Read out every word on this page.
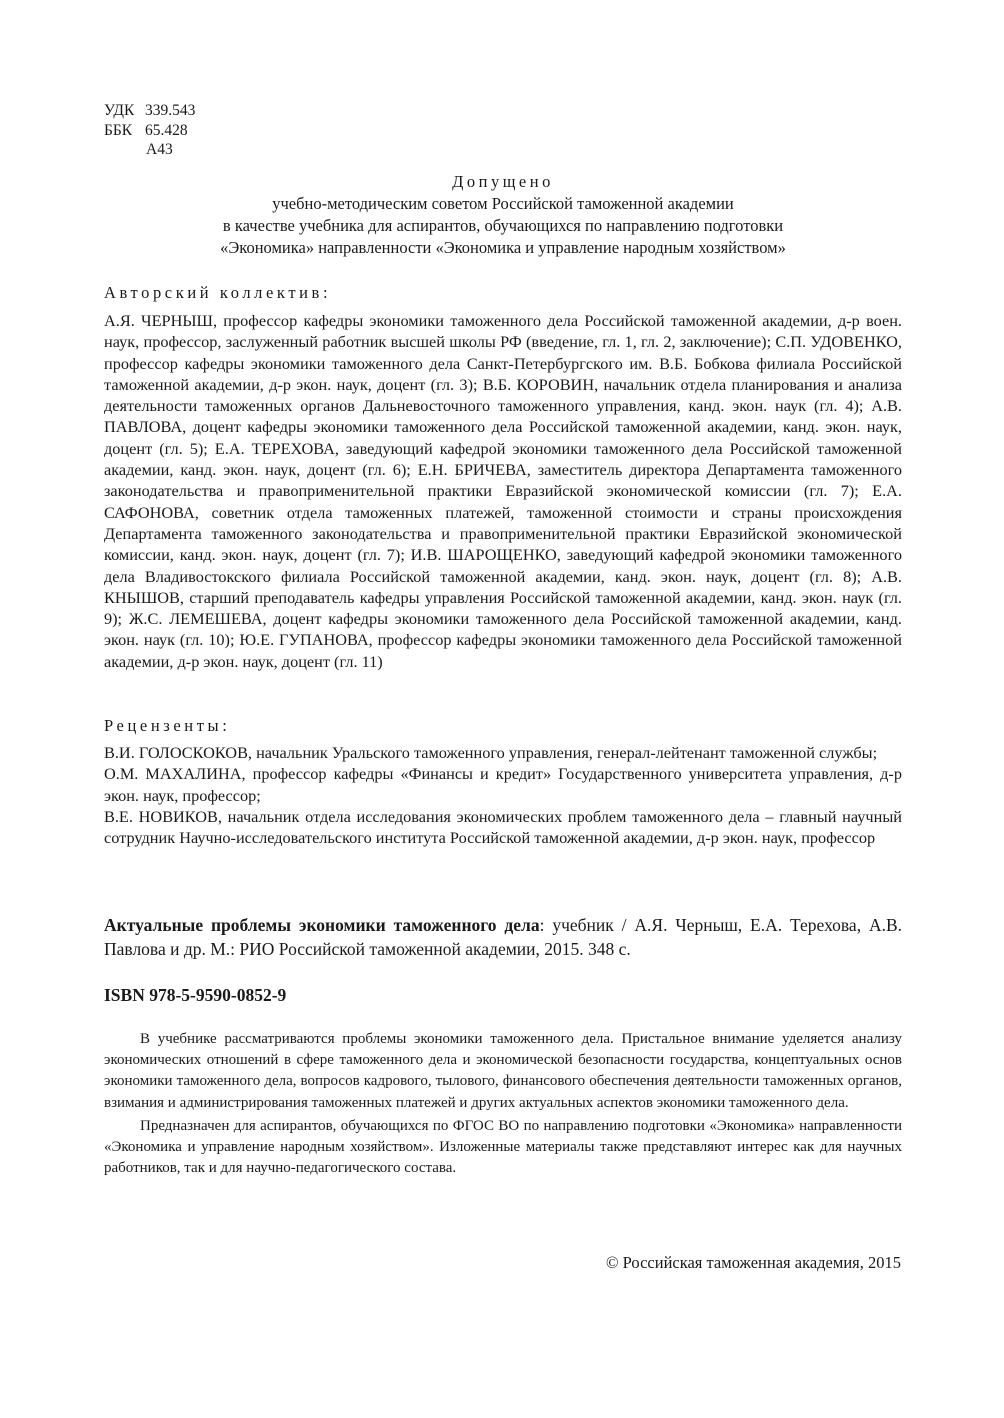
УДК 339.543
ББК 65.428
А43
Допущено
учебно-методическим советом Российской таможенной академии
в качестве учебника для аспирантов, обучающихся по направлению подготовки
«Экономика» направленности «Экономика и управление народным хозяйством»
Авторский коллектив:

А.Я. ЧЕРНЫШ, профессор кафедры экономики таможенного дела Российской таможенной академии, д-р воен. наук, профессор, заслуженный работник высшей школы РФ (введение, гл. 1, гл. 2, заключение); С.П. УДОВЕНКО, профессор кафедры экономики таможенного дела Санкт-Петербургского им. В.Б. Бобкова филиала Российской таможенной академии, д-р экон. наук, доцент (гл. 3); В.Б. КОРОВИН, начальник отдела планирования и анализа деятельности таможенных органов Дальневосточного таможенного управления, канд. экон. наук (гл. 4); А.В. ПАВЛОВА, доцент кафедры экономики таможенного дела Российской таможенной академии, канд. экон. наук, доцент (гл. 5); Е.А. ТЕРЕХОВА, заведующий кафедрой экономики таможенного дела Российской таможенной академии, канд. экон. наук, доцент (гл. 6); Е.Н. БРИЧЕВА, заместитель директора Департамента таможенного законодательства и правоприменительной практики Евразийской экономической комиссии (гл. 7); Е.А. САФОНОВА, советник отдела таможенных платежей, таможенной стоимости и страны происхождения Департамента таможенного законодательства и правоприменительной практики Евразийской экономической комиссии, канд. экон. наук, доцент (гл. 7); И.В. ШАРОЩЕНКО, заведующий кафедрой экономики таможенного дела Владивостокского филиала Российской таможенной академии, канд. экон. наук, доцент (гл. 8); А.В. КНЫШОВ, старший преподаватель кафедры управления Российской таможенной академии, канд. экон. наук (гл. 9); Ж.С. ЛЕМЕШЕВА, доцент кафедры экономики таможенного дела Российской таможенной академии, канд. экон. наук (гл. 10); Ю.Е. ГУПАНОВА, профессор кафедры экономики таможенного дела Российской таможенной академии, д-р экон. наук, доцент (гл. 11)

Рецензенты:

В.И. ГОЛОСКОКОВ, начальник Уральского таможенного управления, генерал-лейтенант таможенной службы;

О.М. МАХАЛИНА, профессор кафедры «Финансы и кредит» Государственного университета управления, д-р экон. наук, профессор;

В.Е. НОВИКОВ, начальник отдела исследования экономических проблем таможенного дела – главный научный сотрудник Научно-исследовательского института Российской таможенной академии, д-р экон. наук, профессор

Актуальные проблемы экономики таможенного дела: учебник / А.Я. Черныш, Е.А. Терехова, А.В. Павлова и др. М.: РИО Российской таможенной академии, 2015. 348 с.
ISBN 978-5-9590-0852-9

В учебнике рассматриваются проблемы экономики таможенного дела. Пристальное внимание уделяется анализу экономических отношений в сфере таможенного дела и экономической безопасности государства, концептуальных основ экономики таможенного дела, вопросов кадрового, тылового, финансового обеспечения деятельности таможенных органов, взимания и администрирования таможенных платежей и других актуальных аспектов экономики таможенного дела.

Предназначен для аспирантов, обучающихся по ФГОС ВО по направлению подготовки «Экономика» направленности «Экономика и управление народным хозяйством». Изложенные материалы также представляют интерес как для научных работников, так и для научно-педагогического состава.

© Российская таможенная академия, 2015
